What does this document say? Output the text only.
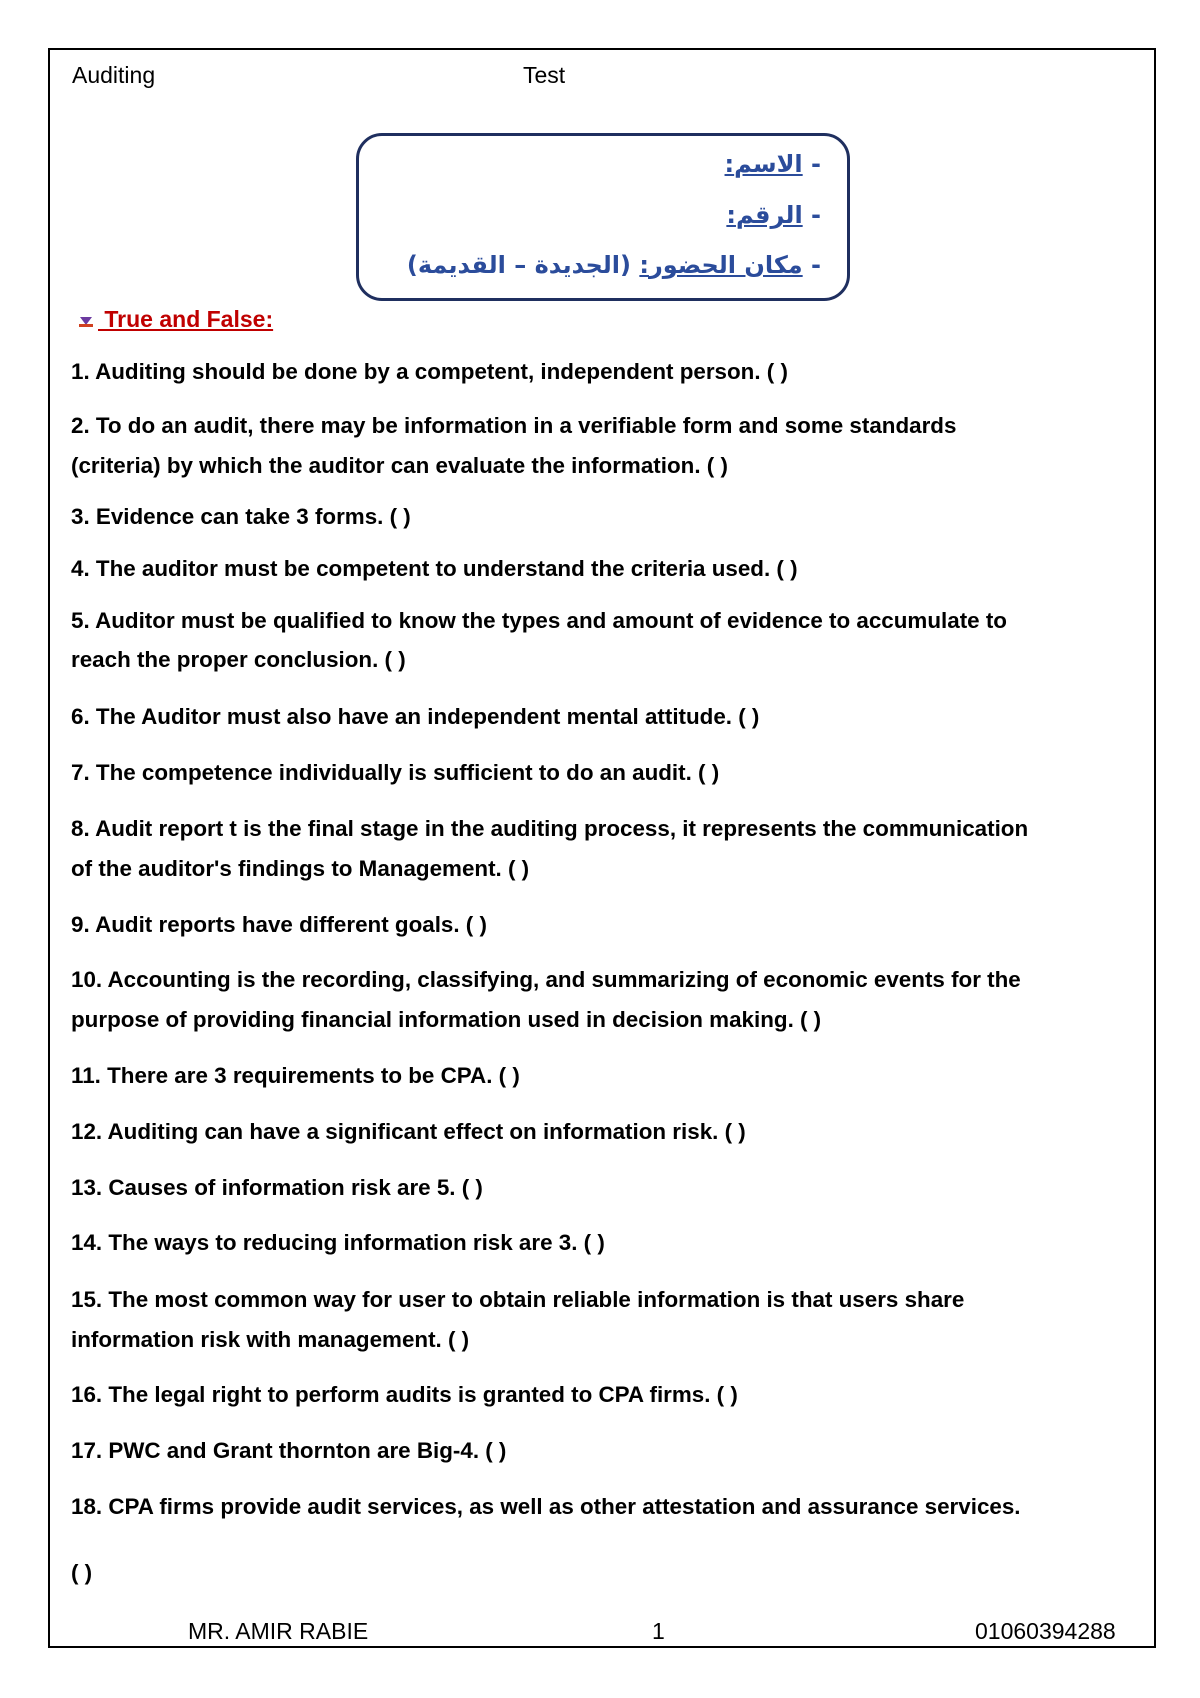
Auditing	Test
- الاسم:
- الرقم:
- مكان الحضور: (الجديدة – القديمة)
True and False:
1. Auditing should be done by a competent, independent person. ( )
2. To do an audit, there may be information in a verifiable form and some standards
(criteria) by which the auditor can evaluate the information. ( )
3. Evidence can take 3 forms. ( )
4. The auditor must be competent to understand the criteria used. ( )
5. Auditor must be qualified to know the types and amount of evidence to accumulate to
reach the proper conclusion. ( )
6. The Auditor must also have an independent mental attitude. ( )
7. The competence individually is sufficient to do an audit. ( )
8. Audit report t is the final stage in the auditing process, it represents the communication
of the auditor's findings to Management. ( )
9. Audit reports have different goals. ( )
10. Accounting is the recording, classifying, and summarizing of economic events for the
purpose of providing financial information used in decision making. ( )
11. There are 3 requirements to be CPA. ( )
12. Auditing can have a significant effect on information risk. ( )
13. Causes of information risk are 5. ( )
14. The ways to reducing information risk are 3. ( )
15. The most common way for user to obtain reliable information is that users share
information risk with management. ( )
16. The legal right to perform audits is granted to CPA firms. ( )
17. PWC and Grant thornton are Big-4. ( )
18. CPA firms provide audit services, as well as other attestation and assurance services.
( )
MR. AMIR RABIE	1	01060394288
